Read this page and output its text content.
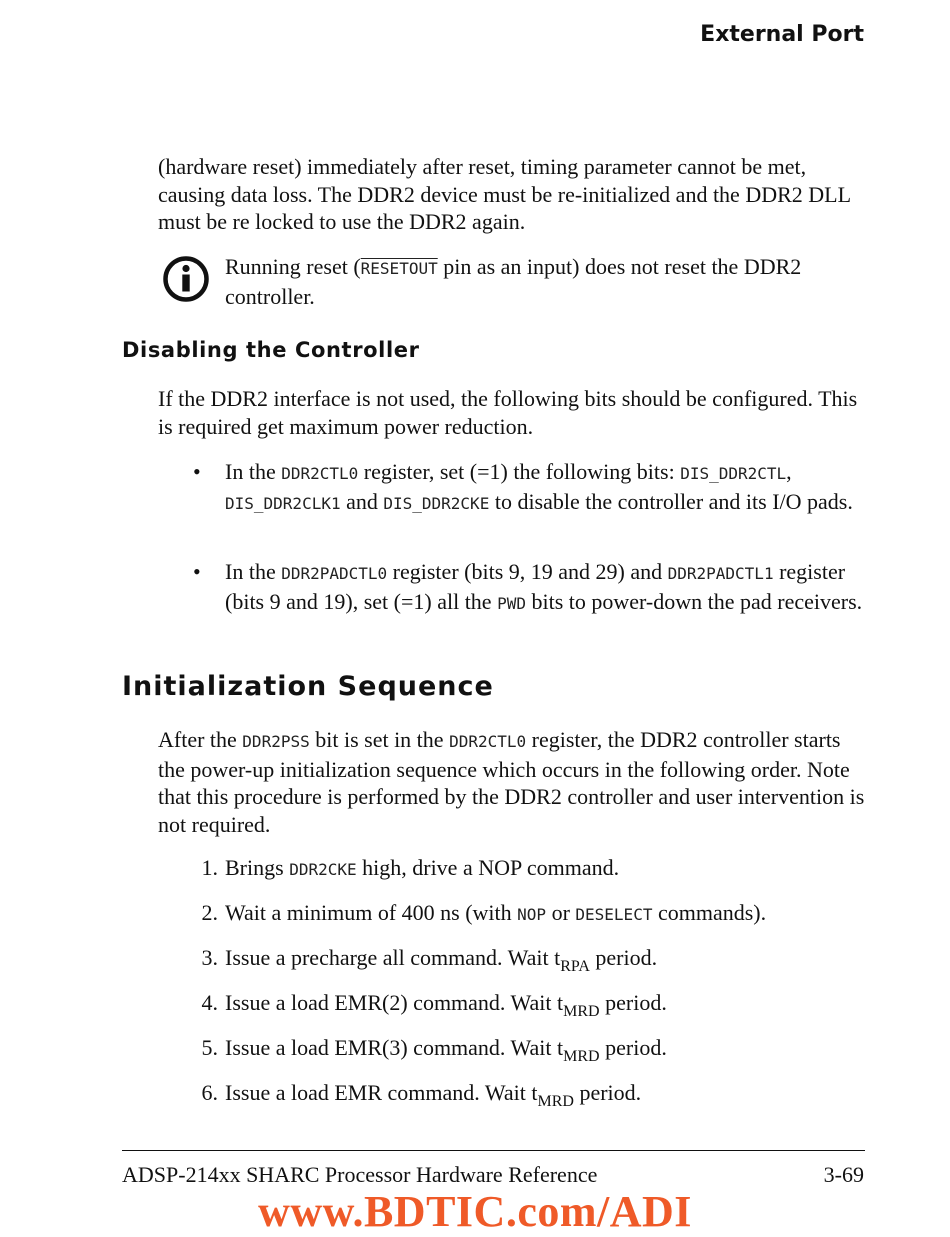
External Port

(hardware reset) immediately after reset, timing parameter cannot be met, causing data loss. The DDR2 device must be re-initialized and the DDR2 DLL must be re locked to use the DDR2 again.

Running reset (RESETOUT pin as an input) does not reset the DDR2 controller.

Disabling the Controller

If the DDR2 interface is not used, the following bits should be configured. This is required get maximum power reduction.

• In the DDR2CTL0 register, set (=1) the following bits: DIS_DDR2CTL, DIS_DDR2CLK1 and DIS_DDR2CKE to disable the controller and its I/O pads.

• In the DDR2PADCTL0 register (bits 9, 19 and 29) and DDR2PADCTL1 register (bits 9 and 19), set (=1) all the PWD bits to power-down the pad receivers.

Initialization Sequence

After the DDR2PSS bit is set in the DDR2CTL0 register, the DDR2 controller starts the power-up initialization sequence which occurs in the following order. Note that this procedure is performed by the DDR2 controller and user intervention is not required.

1. Brings DDR2CKE high, drive a NOP command.

2. Wait a minimum of 400 ns (with NOP or DESELECT commands).

3. Issue a precharge all command. Wait $t_{RPA}$ period.

4. Issue a load EMR(2) command. Wait $t_{MRD}$ period.

5. Issue a load EMR(3) command. Wait $t_{MRD}$ period.

6. Issue a load EMR command. Wait $t_{MRD}$ period.

ADSP-214xx SHARC Processor Hardware Reference	3-69
www.BDTIC.com/ADI
